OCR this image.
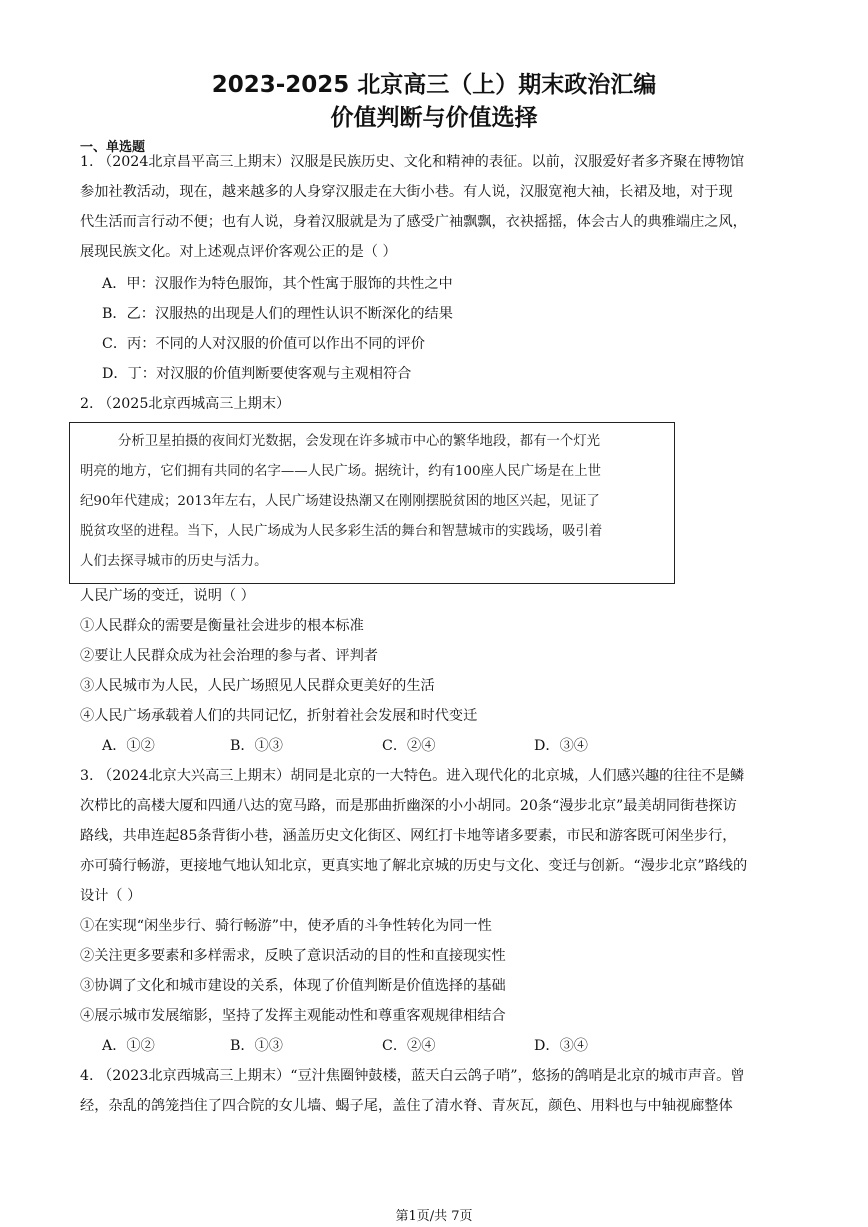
2023-2025 北京高三（上）期末政治汇编
价值判断与价值选择
一、单选题
1. （2024北京昌平高三上期末）汉服是民族历史、文化和精神的表征。以前，汉服爱好者多齐聚在博物馆
参加社教活动，现在，越来越多的人身穿汉服走在大街小巷。有人说，汉服宽袍大袖，长裙及地，对于现
代生活而言行动不便；也有人说，身着汉服就是为了感受广袖飘飘，衣袂摇摇，体会古人的典雅端庄之风，
展现民族文化。对上述观点评价客观公正的是（ ）
A．甲：汉服作为特色服饰，其个性寓于服饰的共性之中
B．乙：汉服热的出现是人们的理性认识不断深化的结果
C．丙：不同的人对汉服的价值可以作出不同的评价
D．丁：对汉服的价值判断要使客观与主观相符合
2. （2025北京西城高三上期末）
分析卫星拍摄的夜间灯光数据，会发现在许多城市中心的繁华地段，都有一个灯光
明亮的地方，它们拥有共同的名字——人民广场。据统计，约有100座人民广场是在上世
纪90年代建成；2013年左右，人民广场建设热潮又在刚刚摆脱贫困的地区兴起，见证了
脱贫攻坚的进程。当下，人民广场成为人民多彩生活的舞台和智慧城市的实践场，吸引着
人们去探寻城市的历史与活力。
人民广场的变迁，说明（ ）
①人民群众的需要是衡量社会进步的根本标准
②要让人民群众成为社会治理的参与者、评判者
③人民城市为人民，人民广场照见人民群众更美好的生活
④人民广场承载着人们的共同记忆，折射着社会发展和时代变迁
A．①②	B．①③	C．②④	D．③④
3. （2024北京大兴高三上期末）胡同是北京的一大特色。进入现代化的北京城，人们感兴趣的往往不是鳞
次栉比的高楼大厦和四通八达的宽马路，而是那曲折幽深的小小胡同。20条“漫步北京”最美胡同街巷探访
路线，共串连起85条背街小巷，涵盖历史文化街区、网红打卡地等诸多要素，市民和游客既可闲坐步行，
亦可骑行畅游，更接地气地认知北京，更真实地了解北京城的历史与文化、变迁与创新。“漫步北京”路线的
设计（ ）
①在实现“闲坐步行、骑行畅游”中，使矛盾的斗争性转化为同一性
②关注更多要素和多样需求，反映了意识活动的目的性和直接现实性
③协调了文化和城市建设的关系，体现了价值判断是价值选择的基础
④展示城市发展缩影，坚持了发挥主观能动性和尊重客观规律相结合
A．①②	B．①③	C．②④	D．③④
4. （2023北京西城高三上期末）“豆汁焦圈钟鼓楼，蓝天白云鸽子哨”，悠扬的鸽哨是北京的城市声音。曾
经，杂乱的鸽笼挡住了四合院的女儿墙、蝎子尾，盖住了清水脊、青灰瓦，颜色、用料也与中轴视廊整体
第1页/共 7页
